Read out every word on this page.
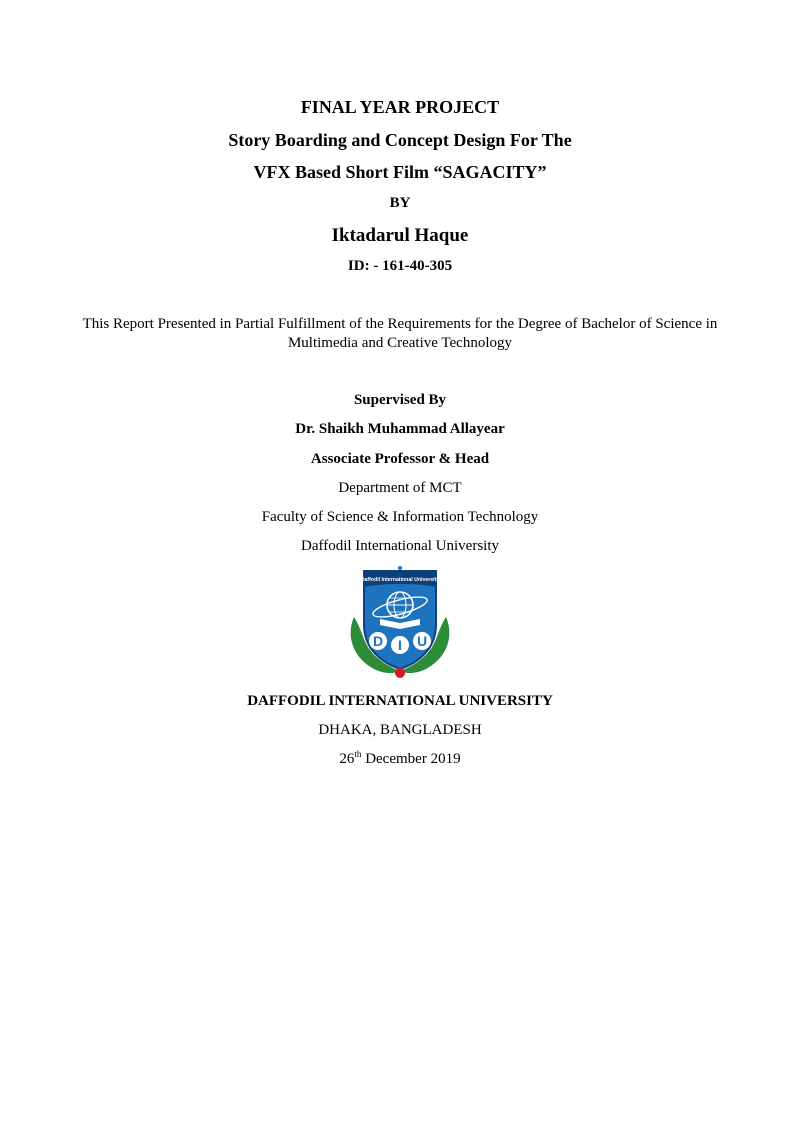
FINAL YEAR PROJECT
Story Boarding and Concept Design For The
VFX Based Short Film “SAGACITY”
BY
Iktadarul Haque
ID: - 161-40-305
This Report Presented in Partial Fulfillment of the Requirements for the Degree of Bachelor of Science in Multimedia and Creative Technology
Supervised By
Dr. Shaikh Muhammad Allayear
Associate Professor & Head
Department of MCT
Faculty of Science & Information Technology
Daffodil International University
Daffodil International University
D I U
DAFFODIL INTERNATIONAL UNIVERSITY
DHAKA, BANGLADESH
26th December 2019
